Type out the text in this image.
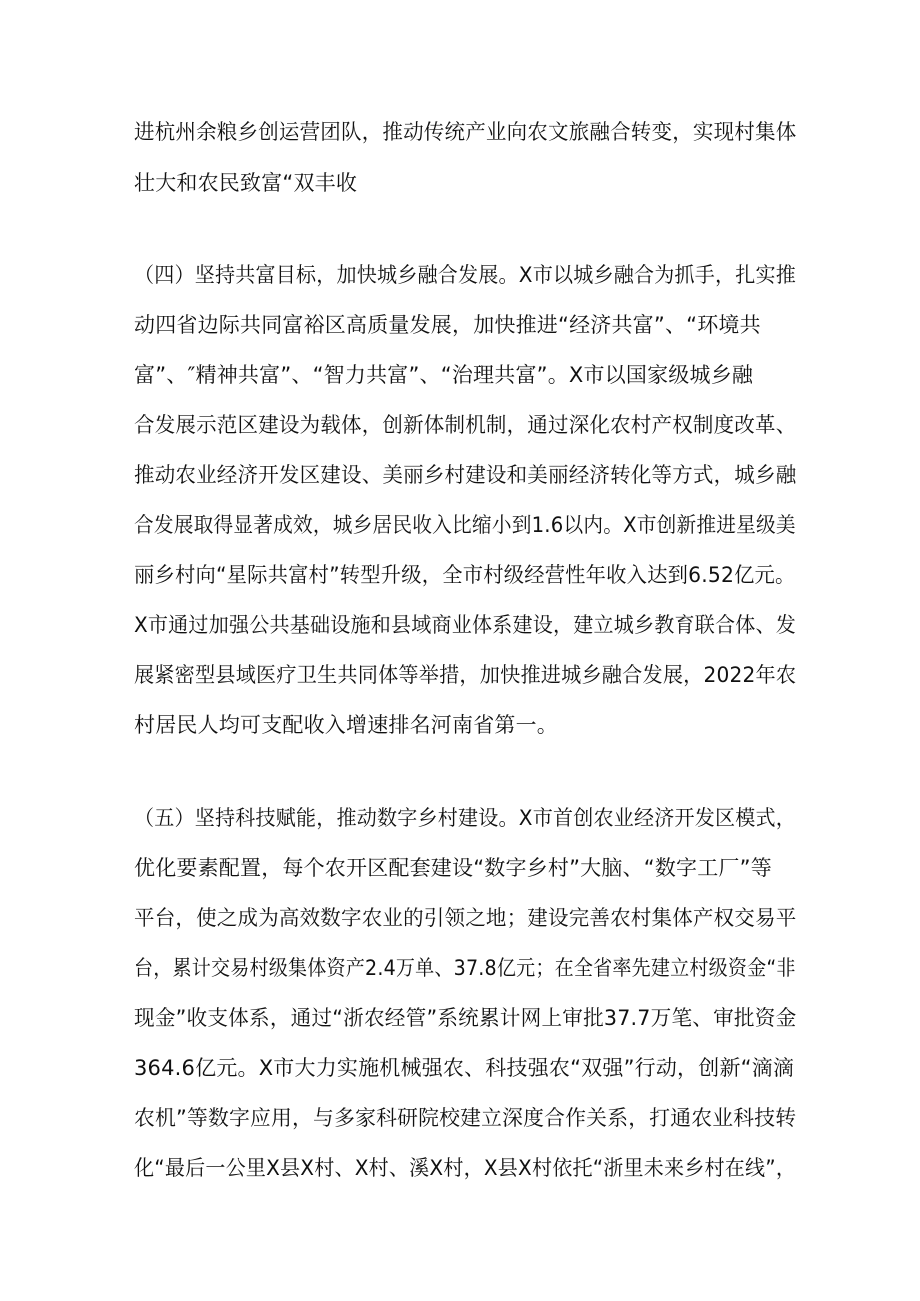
进杭州余粮乡创运营团队，推动传统产业向农文旅融合转变，实现村集体
壮大和农民致富“双丰收
（四）坚持共富目标，加快城乡融合发展。X市以城乡融合为抓手，扎实推
动四省边际共同富裕区高质量发展，加快推进“经济共富”、“环境共
富”、″精神共富”、“智力共富”、“治理共富”。X市以国家级城乡融
合发展示范区建设为载体，创新体制机制，通过深化农村产权制度改革、
推动农业经济开发区建设、美丽乡村建设和美丽经济转化等方式，城乡融
合发展取得显著成效，城乡居民收入比缩小到1.6以内。X市创新推进星级美
丽乡村向“星际共富村”转型升级，全市村级经营性年收入达到6.52亿元。
X市通过加强公共基础设施和县域商业体系建设，建立城乡教育联合体、发
展紧密型县域医疗卫生共同体等举措，加快推进城乡融合发展，2022年农
村居民人均可支配收入增速排名河南省第一。
（五）坚持科技赋能，推动数字乡村建设。X市首创农业经济开发区模式，
优化要素配置，每个农开区配套建设“数字乡村”大脑、“数字工厂”等
平台，使之成为高效数字农业的引领之地；建设完善农村集体产权交易平
台，累计交易村级集体资产2.4万单、37.8亿元；在全省率先建立村级资金“非
现金”收支体系，通过“浙农经管”系统累计网上审批37.7万笔、审批资金
364.6亿元。X市大力实施机械强农、科技强农“双强”行动，创新“滴滴
农机”等数字应用，与多家科研院校建立深度合作关系，打通农业科技转
化“最后一公里X县X村、X村、溪X村，X县X村依托“浙里未来乡村在线”，
